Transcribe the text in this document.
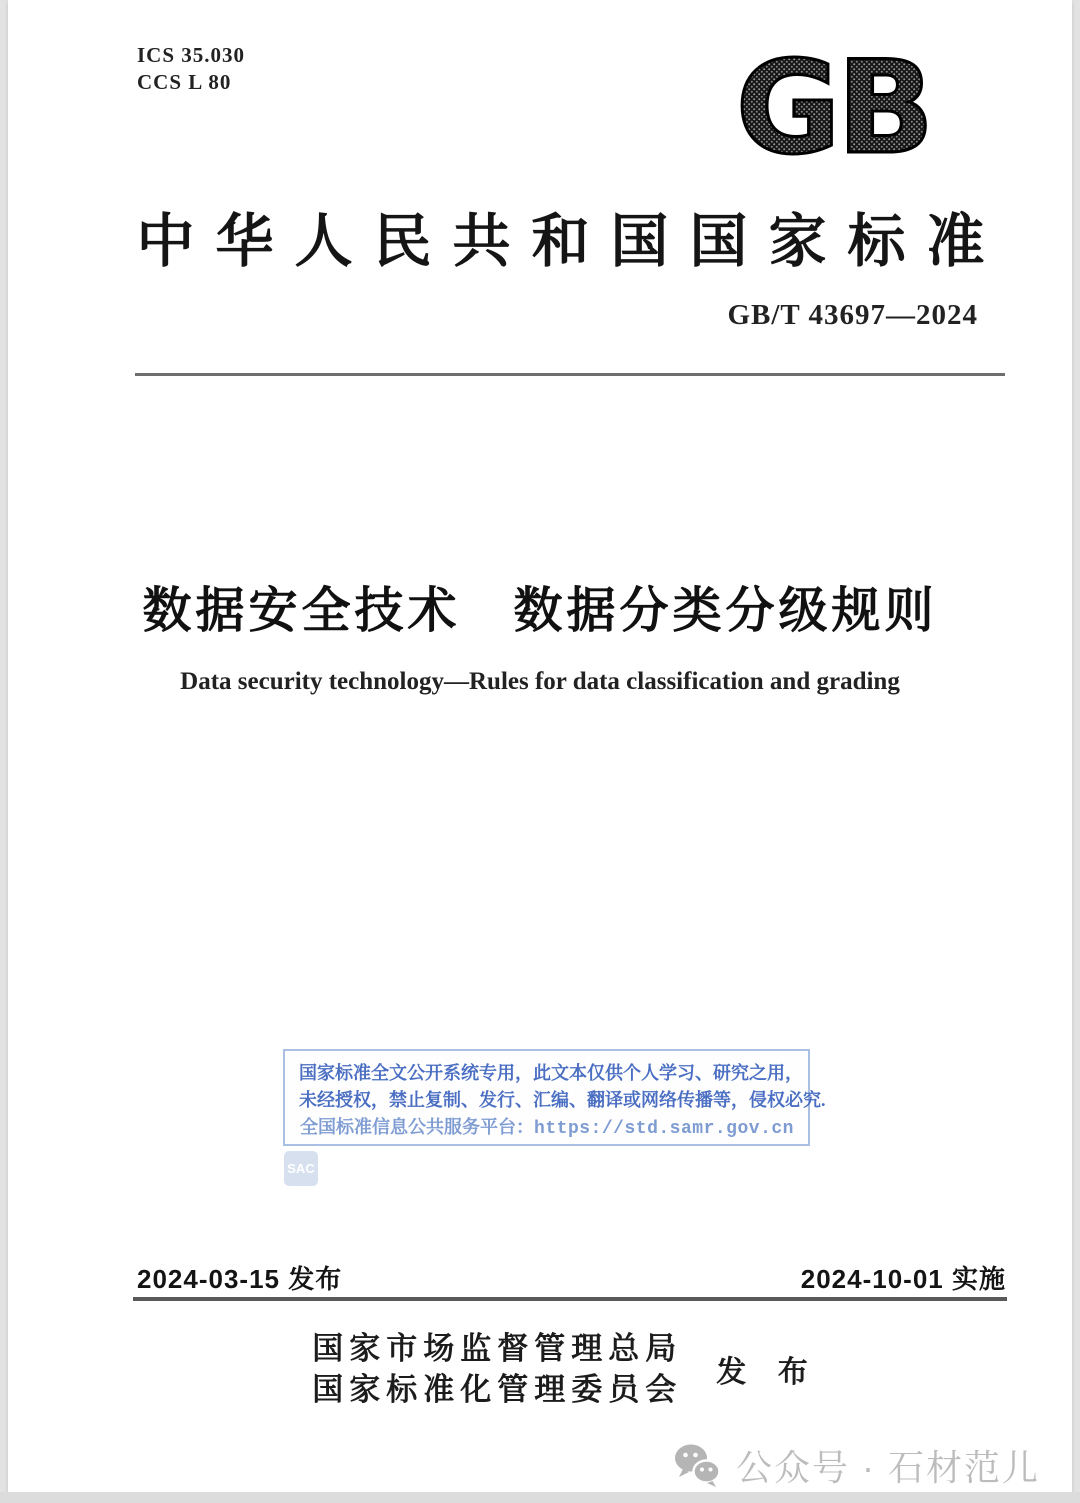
ICS 35.030
CCS L 80	GB
中华人民共和国国家标准
GB/T 43697—2024
数据安全技术　数据分类分级规则
Data security technology—Rules for data classification and grading
国家标准全文公开系统专用，此文本仅供个人学习、研究之用，
未经授权，禁止复制、发行、汇编、翻译或网络传播等，侵权必究.
全国标准信息公共服务平台：https://std.samr.gov.cn
SAC
2024-03-15 发布	2024-10-01 实施
国家市场监督管理总局
国家标准化管理委员会 发 布
公众号 · 石材范儿
